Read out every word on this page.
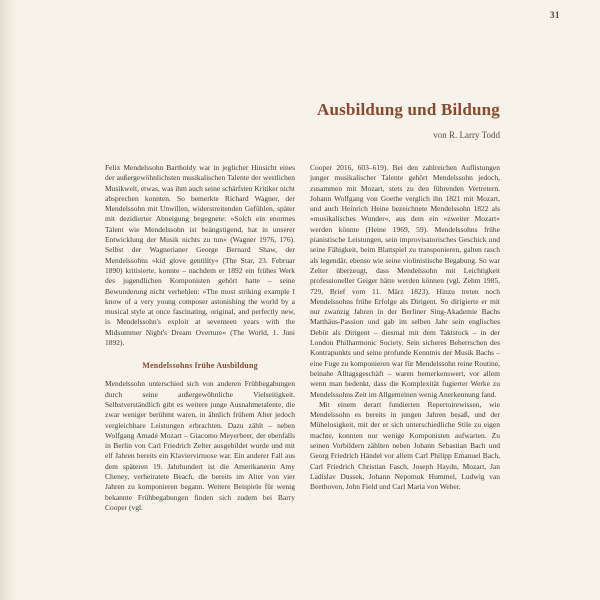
31
Ausbildung und Bildung

von R. Larry Todd

Felix Mendelssohn Bartholdy war in jeglicher Hinsicht eines der außergewöhnlichsten musikalischen Talente der westlichen Musikwelt, etwas, was ihm auch seine schärfsten Kritiker nicht absprechen konnten. So bemerkte Richard Wagner, der Mendelssohn mit Unwillen, widerstreitenden Gefühlen, später mit dezidierter Abneigung begegnete: »Solch ein enormes Talent wie Mendelssohn ist beängstigend, hat in unserer Entwicklung der Musik nichts zu tun« (Wagner 1976, 176). Selbst der Wagnerianer George Bernard Shaw, der Mendelssohns »kid glove gentility« (The Star, 23. Februar 1890) kritisierte, konnte – nachdem er 1892 ein frühes Werk des jugendlichen Komponisten gehört hatte – seine Bewunderung nicht verhehlen: »The most striking example I know of a very young composer astonishing the world by a musical style at once fascinating, original, and perfectly new, is Mendelssohn's exploit at seventeen years with the Midsummer Night's Dream Overture« (The World, 1. Juni 1892).

Mendelssohns frühe Ausbildung

Mendelssohn unterschied sich von anderen Frühbegabungen durch seine außergewöhnliche Vielseitigkeit. Selbstverständlich gibt es weitere junge Ausnahmetalente, die zwar weniger berühmt waren, in ähnlich frühem Alter jedoch vergleichbare Leistungen erbrachten. Dazu zählt – neben Wolfgang Amadé Mozart – Giacomo Meyerbeer, der ebenfalls in Berlin von Carl Friedrich Zelter ausgebildet wurde und mit elf Jahren bereits ein Klaviervirtuose war. Ein anderer Fall aus dem späteren 19. Jahrhundert ist die Amerikanerin Amy Cheney, verheiratete Beach, die bereits im Alter von vier Jahren zu komponieren begann. Weitere Beispiele für wenig bekannte Frühbegabungen finden sich zudem bei Barry Cooper (vgl.

Cooper 2016, 603–619). Bei den zahlreichen Auflistungen junger musikalischer Talente gehört Mendelssohn jedoch, zusammen mit Mozart, stets zu den führenden Vertretern. Johann Wolfgang von Goethe verglich ihn 1821 mit Mozart, und auch Heinrich Heine bezeichnete Mendelssohn 1822 als »musikalisches Wunder«, aus dem ein »zweiter Mozart« werden könnte (Heine 1969, 59). Mendelssohns frühe pianistische Leistungen, sein improvisatorisches Geschick und seine Fähigkeit, beim Blattspiel zu transponieren, galten rasch als legendär, ebenso wie seine violinistische Begabung. So war Zelter überzeugt, dass Mendelssohn mit Leichtigkeit professioneller Geiger hätte werden können (vgl. Zehm 1985, 729, Brief vom 11. März 1823). Hinzu treten noch Mendelssohns frühe Erfolge als Dirigent. So dirigierte er mit nur zwanzig Jahren in der Berliner Sing-Akademie Bachs Matthäus-Passion und gab im selben Jahr sein englisches Debüt als Dirigent – diesmal mit dem Taktstock – in der London Philharmonic Society. Sein sicheres Beherrschen des Kontrapunkts und seine profunde Kenntnis der Musik Bachs – eine Fuge zu komponieren war für Mendelssohn reine Routine, beinahe Alltagsgeschäft – waren bemerkenswert, vor allem wenn man bedenkt, dass die Komplexität fugierter Werke zu Mendelssohns Zeit im Allgemeinen wenig Anerkennung fand.

Mit einem derart fundierten Repertoirewissen, wie Mendelssohn es bereits in jungen Jahren besaß, und der Mühelosigkeit, mit der er sich unterschiedliche Stile zu eigen machte, konnten nur wenige Komponisten aufwarten. Zu seinen Vorbildern zählten neben Johann Sebastian Bach und Georg Friedrich Händel vor allem Carl Philipp Emanuel Bach, Carl Friedrich Christian Fasch, Joseph Haydn, Mozart, Jan Ladislav Dussek, Johann Nepomuk Hummel, Ludwig van Beethoven, John Field und Carl Maria von Weber.
